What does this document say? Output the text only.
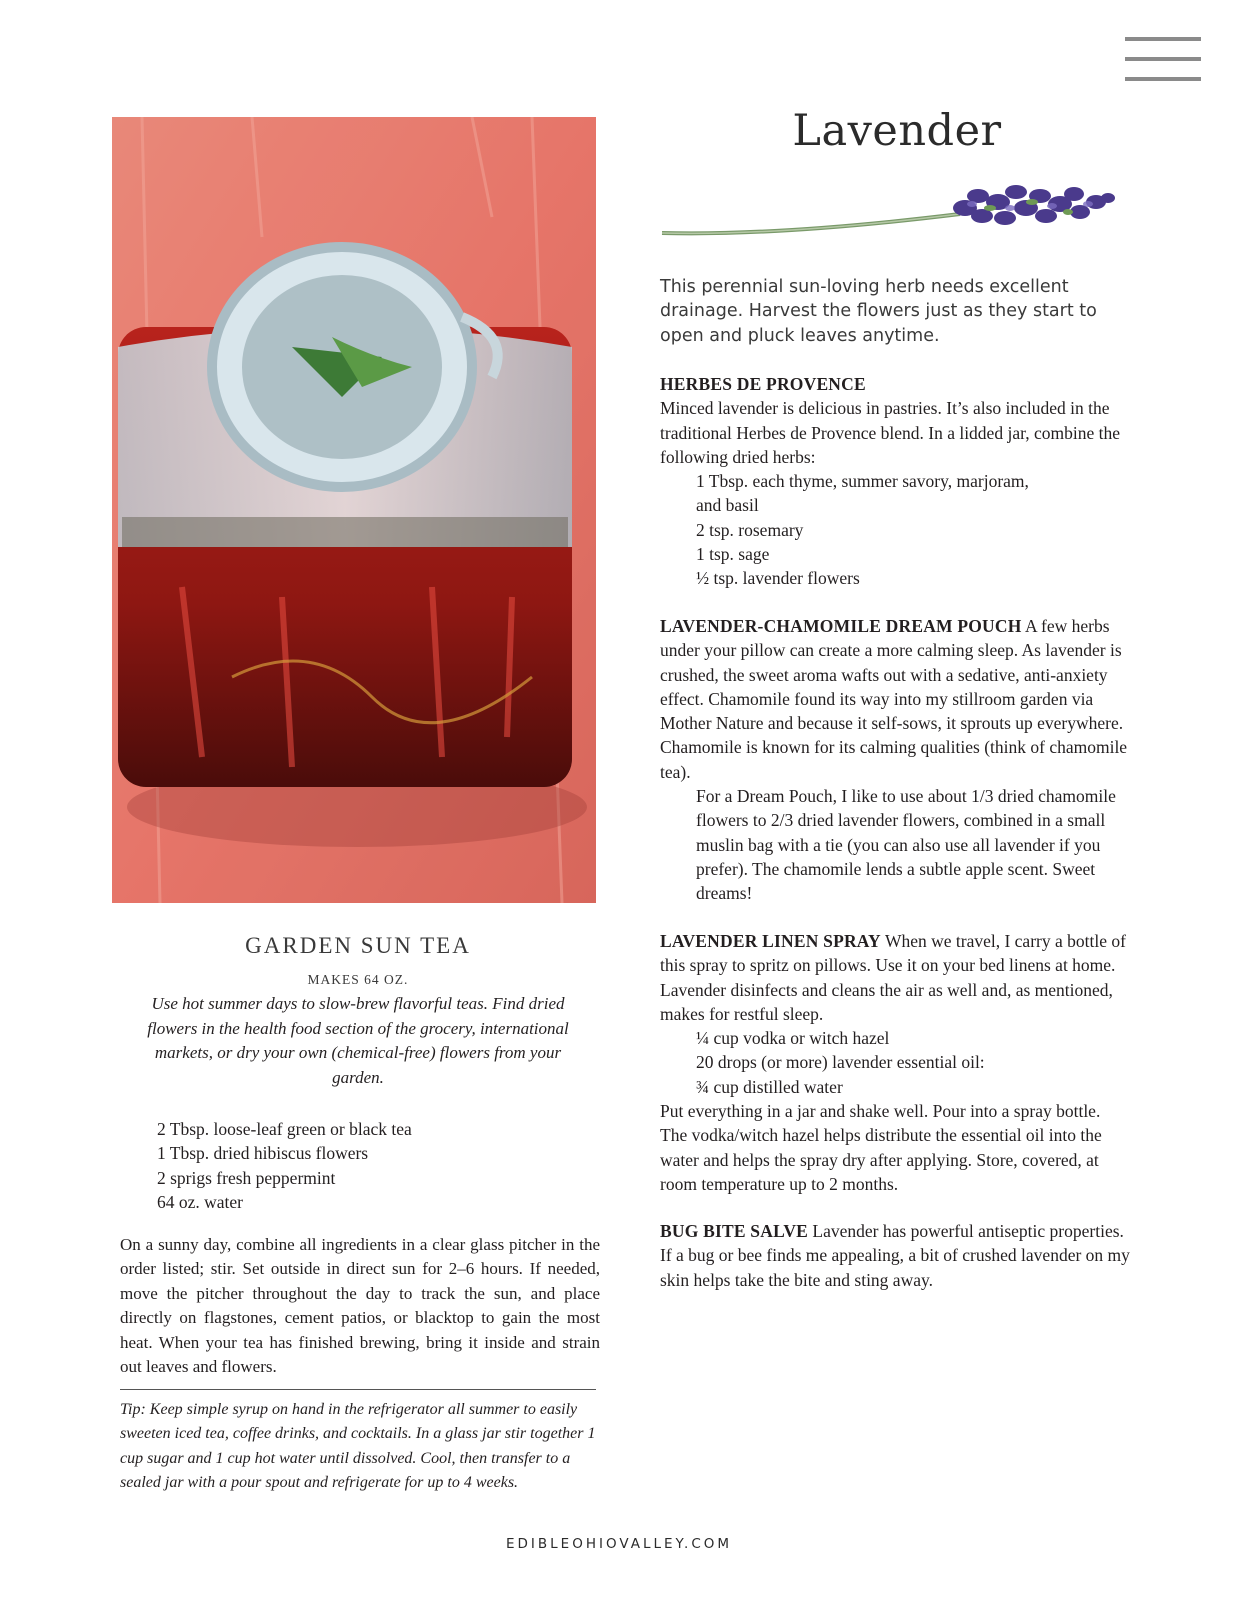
GARDEN SUN TEA
MAKES 64 OZ.
Use hot summer days to slow-brew flavorful teas. Find dried flowers in the health food section of the grocery, international markets, or dry your own (chemical-free) flowers from your garden.
2 Tbsp. loose-leaf green or black tea
1 Tbsp. dried hibiscus flowers
2 sprigs fresh peppermint
64 oz. water

On a sunny day, combine all ingredients in a clear glass pitcher in the order listed; stir. Set outside in direct sun for 2–6 hours. If needed, move the pitcher throughout the day to track the sun, and place directly on flagstones, cement patios, or blacktop to gain the most heat. When your tea has finished brewing, bring it inside and strain out leaves and flowers.

Tip: Keep simple syrup on hand in the refrigerator all summer to easily sweeten iced tea, coffee drinks, and cocktails. In a glass jar stir together 1 cup sugar and 1 cup hot water until dissolved. Cool, then transfer to a sealed jar with a pour spout and refrigerate for up to 4 weeks.

Lavender

This perennial sun-loving herb needs excellent drainage. Harvest the flowers just as they start to open and pluck leaves anytime.

HERBES DE PROVENCE
Minced lavender is delicious in pastries. It’s also included in the traditional Herbes de Provence blend. In a lidded jar, combine the following dried herbs:
1 Tbsp. each thyme, summer savory, marjoram,
and basil
2 tsp. rosemary
1 tsp. sage
½ tsp. lavender flowers
LAVENDER-CHAMOMILE DREAM POUCH A few herbs under your pillow can create a more calming sleep. As lavender is crushed, the sweet aroma wafts out with a sedative, anti-anxiety effect. Chamomile found its way into my stillroom garden via Mother Nature and because it self-sows, it sprouts up everywhere. Chamomile is known for its calming qualities (think of chamomile tea).
For a Dream Pouch, I like to use about 1/3 dried chamomile flowers to 2/3 dried lavender flowers, combined in a small muslin bag with a tie (you can also use all lavender if you prefer). The chamomile lends a subtle apple scent. Sweet dreams!
LAVENDER LINEN SPRAY When we travel, I carry a bottle of this spray to spritz on pillows. Use it on your bed linens at home. Lavender disinfects and cleans the air as well and, as mentioned, makes for restful sleep.
¼ cup vodka or witch hazel
20 drops (or more) lavender essential oil:
¾ cup distilled water
Put everything in a jar and shake well. Pour into a spray bottle. The vodka/witch hazel helps distribute the essential oil into the water and helps the spray dry after applying. Store, covered, at room temperature up to 2 months.
BUG BITE SALVE Lavender has powerful antiseptic properties. If a bug or bee finds me appealing, a bit of crushed lavender on my skin helps take the bite and sting away.
EDIBLEOHIOVALLEY.COM
